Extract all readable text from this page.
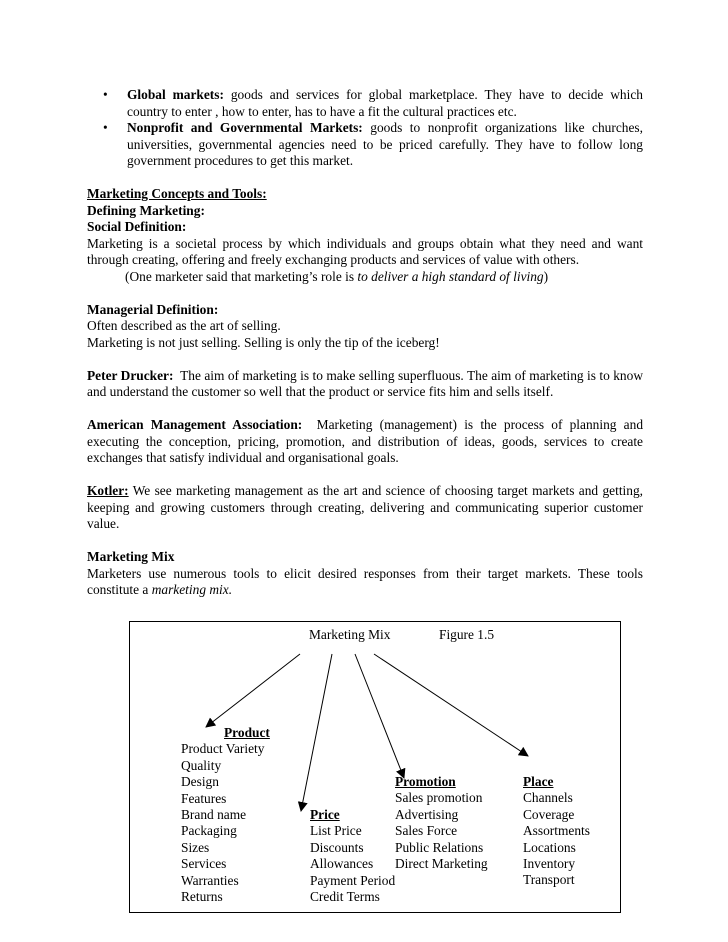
• Global markets: goods and services for global marketplace. They have to decide which country to enter , how to enter, has to have a fit the cultural practices etc.
• Nonprofit and Governmental Markets: goods to nonprofit organizations like churches, universities, governmental agencies need to be priced carefully. They have to follow long government procedures to get this market.

Marketing Concepts and Tools:

Defining Marketing:

Social Definition:

Marketing is a societal process by which individuals and groups obtain what they need and want through creating, offering and freely exchanging products and services of value with others.

(One marketer said that marketing’s role is to deliver a high standard of living)

Managerial Definition:

Often described as the art of selling.

Marketing is not just selling. Selling is only the tip of the iceberg!

Peter Drucker: The aim of marketing is to make selling superfluous. The aim of marketing is to know and understand the customer so well that the product or service fits him and sells itself.

American Management Association: Marketing (management) is the process of planning and executing the conception, pricing, promotion, and distribution of ideas, goods, services to create exchanges that satisfy individual and organisational goals.

Kotler: We see marketing management as the art and science of choosing target markets and getting, keeping and growing customers through creating, delivering and communicating superior customer value.

Marketing Mix

Marketers use numerous tools to elicit desired responses from their target markets. These tools constitute a marketing mix.

Marketing Mix	Figure 1.5
Product
Product Variety
Quality
Design
Features
Brand name
Packaging
Sizes
Services
Warranties
Returns
Price
List Price
Discounts
Allowances
Payment Period
Credit Terms
Promotion
Sales promotion
Advertising
Sales Force
Public Relations
Direct Marketing
Place
Channels
Coverage
Assortments
Locations
Inventory
Transport
